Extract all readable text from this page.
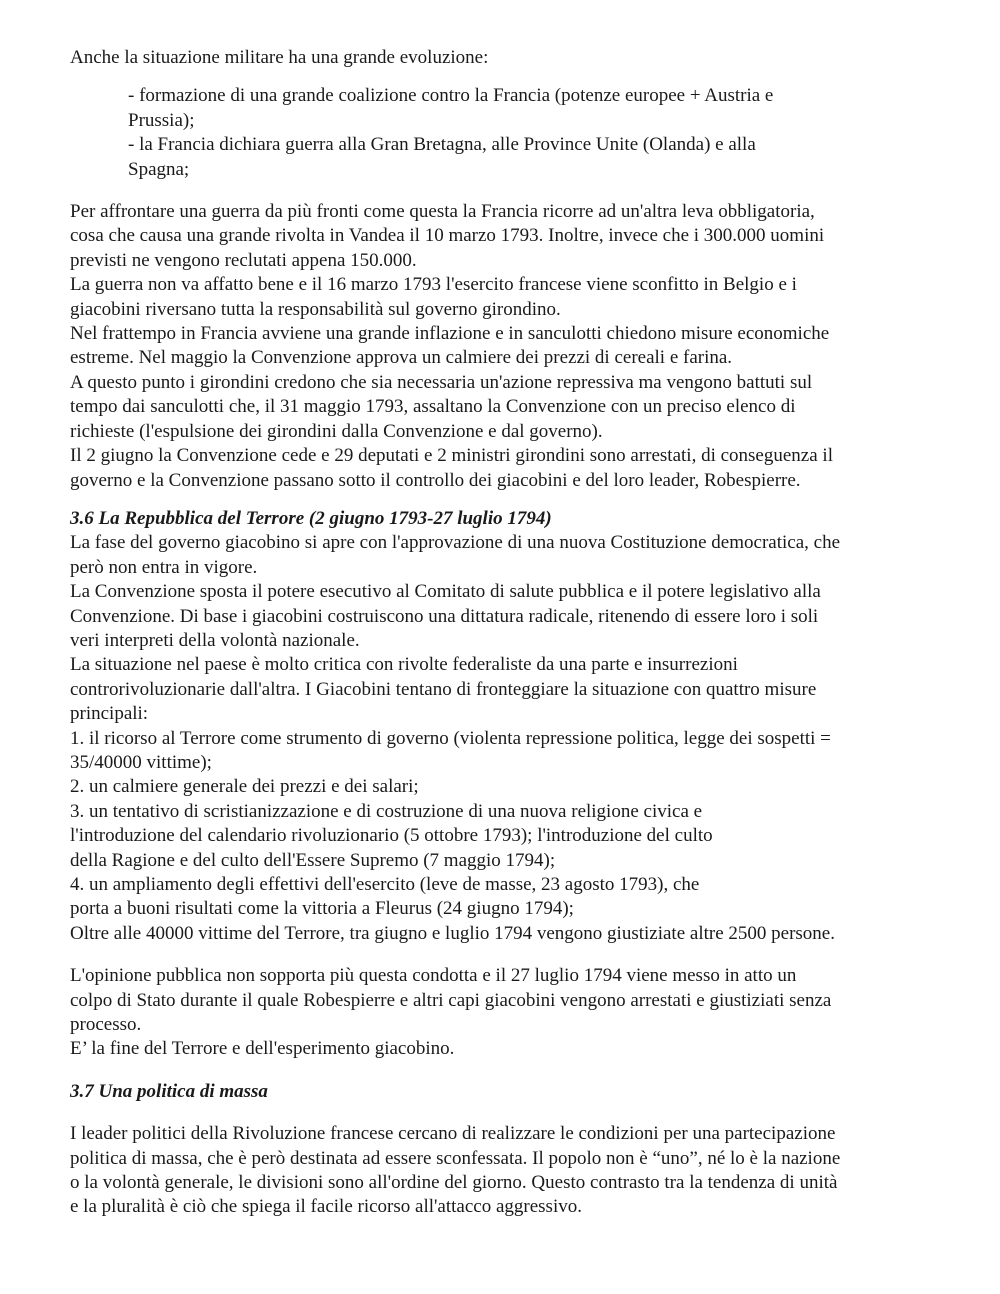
Anche la situazione militare ha una grande evoluzione:
- formazione di una grande coalizione contro la Francia (potenze europee + Austria e
Prussia);
- la Francia dichiara guerra alla Gran Bretagna, alle Province Unite (Olanda) e alla
Spagna;
Per affrontare una guerra da più fronti come questa la Francia ricorre ad un'altra leva obbligatoria,
cosa che causa una grande rivolta in Vandea il 10 marzo 1793. Inoltre, invece che i 300.000 uomini
previsti ne vengono reclutati appena 150.000.
La guerra non va affatto bene e il 16 marzo 1793 l'esercito francese viene sconfitto in Belgio e i
giacobini riversano tutta la responsabilità sul governo girondino.
Nel frattempo in Francia avviene una grande inflazione e in sanculotti chiedono misure economiche
estreme. Nel maggio la Convenzione approva un calmiere dei prezzi di cereali e farina.
A questo punto i girondini credono che sia necessaria un'azione repressiva ma vengono battuti sul
tempo dai sanculotti che, il 31 maggio 1793, assaltano la Convenzione con un preciso elenco di
richieste (l'espulsione dei girondini dalla Convenzione e dal governo).
Il 2 giugno la Convenzione cede e 29 deputati e 2 ministri girondini sono arrestati, di conseguenza il
governo e la Convenzione passano sotto il controllo dei giacobini e del loro leader, Robespierre.
3.6 La Repubblica del Terrore (2 giugno 1793-27 luglio 1794)
La fase del governo giacobino si apre con l'approvazione di una nuova Costituzione democratica, che
però non entra in vigore.
La Convenzione sposta il potere esecutivo al Comitato di salute pubblica e il potere legislativo alla
Convenzione. Di base i giacobini costruiscono una dittatura radicale, ritenendo di essere loro i soli
veri interpreti della volontà nazionale.
La situazione nel paese è molto critica con rivolte federaliste da una parte e insurrezioni
controrivoluzionarie dall'altra. I Giacobini tentano di fronteggiare la situazione con quattro misure
principali:
1. il ricorso al Terrore come strumento di governo (violenta repressione politica, legge dei sospetti =
35/40000 vittime);
2. un calmiere generale dei prezzi e dei salari;
3. un tentativo di scristianizzazione e di costruzione di una nuova religione civica e
l'introduzione del calendario rivoluzionario (5 ottobre 1793); l'introduzione del culto
della Ragione e del culto dell'Essere Supremo (7 maggio 1794);
4. un ampliamento degli effettivi dell'esercito (leve de masse, 23 agosto 1793), che
porta a buoni risultati come la vittoria a Fleurus (24 giugno 1794);
Oltre alle 40000 vittime del Terrore, tra giugno e luglio 1794 vengono giustiziate altre 2500 persone.
L'opinione pubblica non sopporta più questa condotta e il 27 luglio 1794 viene messo in atto un
colpo di Stato durante il quale Robespierre e altri capi giacobini vengono arrestati e giustiziati senza
processo.
E’ la fine del Terrore e dell'esperimento giacobino.
3.7 Una politica di massa
I leader politici della Rivoluzione francese cercano di realizzare le condizioni per una partecipazione
politica di massa, che è però destinata ad essere sconfessata. Il popolo non è “uno”, né lo è la nazione
o la volontà generale, le divisioni sono all'ordine del giorno. Questo contrasto tra la tendenza di unità
e la pluralità è ciò che spiega il facile ricorso all'attacco aggressivo.
